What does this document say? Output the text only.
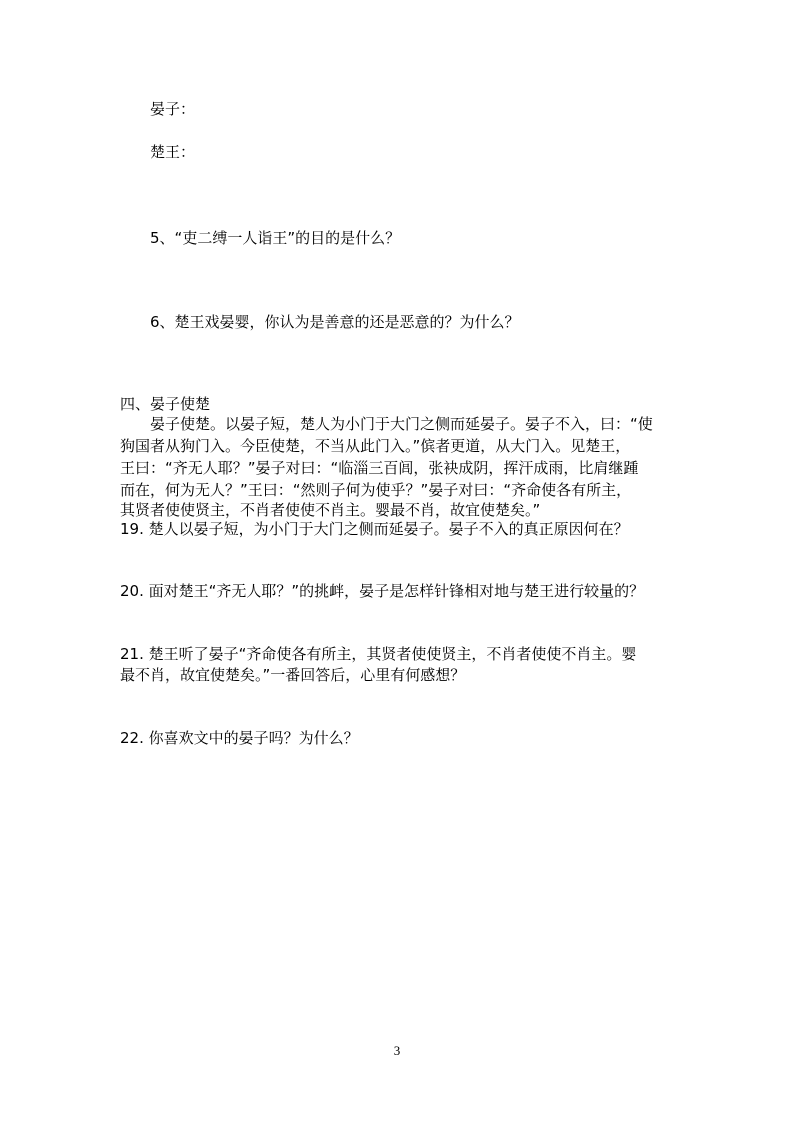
晏子：
楚王：
5、“吏二缚一人诣王”的目的是什么？
6、楚王戏晏婴，你认为是善意的还是恶意的？为什么？
四、晏子使楚
晏子使楚。以晏子短，楚人为小门于大门之侧而延晏子。晏子不入，曰：“使
狗国者从狗门入。今臣使楚，不当从此门入。”傧者更道，从大门入。见楚王，
王曰：“齐无人耶？”晏子对曰：“临淄三百闾，张袂成阴，挥汗成雨，比肩继踵
而在，何为无人？”王曰：“然则子何为使乎？”晏子对曰：“齐命使各有所主，
其贤者使使贤主，不肖者使使不肖主。婴最不肖，故宜使楚矣。”
19. 楚人以晏子短，为小门于大门之侧而延晏子。晏子不入的真正原因何在？
20. 面对楚王“齐无人耶？”的挑衅，晏子是怎样针锋相对地与楚王进行较量的？
21. 楚王听了晏子“齐命使各有所主，其贤者使使贤主，不肖者使使不肖主。婴
最不肖，故宜使楚矣。”一番回答后，心里有何感想？
22. 你喜欢文中的晏子吗？为什么？
3
